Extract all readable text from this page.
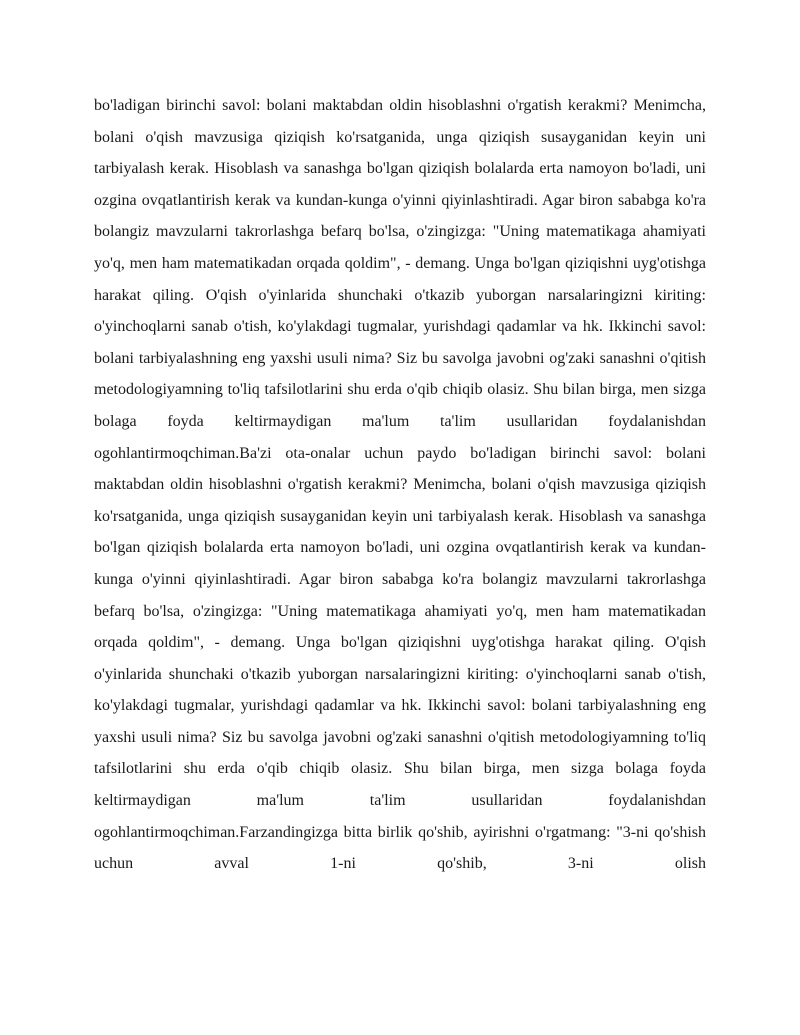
bo'ladigan birinchi savol: bolani maktabdan oldin hisoblashni o'rgatish kerakmi? Menimcha, bolani o'qish mavzusiga qiziqish ko'rsatganida, unga qiziqish susayganidan keyin uni tarbiyalash kerak. Hisoblash va sanashga bo'lgan qiziqish bolalarda erta namoyon bo'ladi, uni ozgina ovqatlantirish kerak va kundan-kunga o'yinni qiyinlashtiradi. Agar biron sababga ko'ra bolangiz mavzularni takrorlashga befarq bo'lsa, o'zingizga: "Uning matematikaga ahamiyati yo'q, men ham matematikadan orqada qoldim", - demang. Unga bo'lgan qiziqishni uyg'otishga harakat qiling. O'qish o'yinlarida shunchaki o'tkazib yuborgan narsalaringizni kiriting: o'yinchoqlarni sanab o'tish, ko'ylakdagi tugmalar, yurishdagi qadamlar va hk. Ikkinchi savol: bolani tarbiyalashning eng yaxshi usuli nima? Siz bu savolga javobni og'zaki sanashni o'qitish metodologiyamning to'liq tafsilotlarini shu erda o'qib chiqib olasiz. Shu bilan birga, men sizga bolaga foyda keltirmaydigan ma'lum ta'lim usullaridan foydalanishdan ogohlantirmoqchiman.Ba'zi ota-onalar uchun paydo bo'ladigan birinchi savol: bolani maktabdan oldin hisoblashni o'rgatish kerakmi? Menimcha, bolani o'qish mavzusiga qiziqish ko'rsatganida, unga qiziqish susayganidan keyin uni tarbiyalash kerak. Hisoblash va sanashga bo'lgan qiziqish bolalarda erta namoyon bo'ladi, uni ozgina ovqatlantirish kerak va kundan-kunga o'yinni qiyinlashtiradi. Agar biron sababga ko'ra bolangiz mavzularni takrorlashga befarq bo'lsa, o'zingizga: "Uning matematikaga ahamiyati yo'q, men ham matematikadan orqada qoldim", - demang. Unga bo'lgan qiziqishni uyg'otishga harakat qiling. O'qish o'yinlarida shunchaki o'tkazib yuborgan narsalaringizni kiriting: o'yinchoqlarni sanab o'tish, ko'ylakdagi tugmalar, yurishdagi qadamlar va hk. Ikkinchi savol: bolani tarbiyalashning eng yaxshi usuli nima? Siz bu savolga javobni og'zaki sanashni o'qitish metodologiyamning to'liq tafsilotlarini shu erda o'qib chiqib olasiz. Shu bilan birga, men sizga bolaga foyda keltirmaydigan ma'lum ta'lim usullaridan foydalanishdan ogohlantirmoqchiman.Farzandingizga bitta birlik qo'shib, ayirishni o'rgatmang: "3-ni qo'shish uchun avval 1-ni qo'shib, 3-ni olish
